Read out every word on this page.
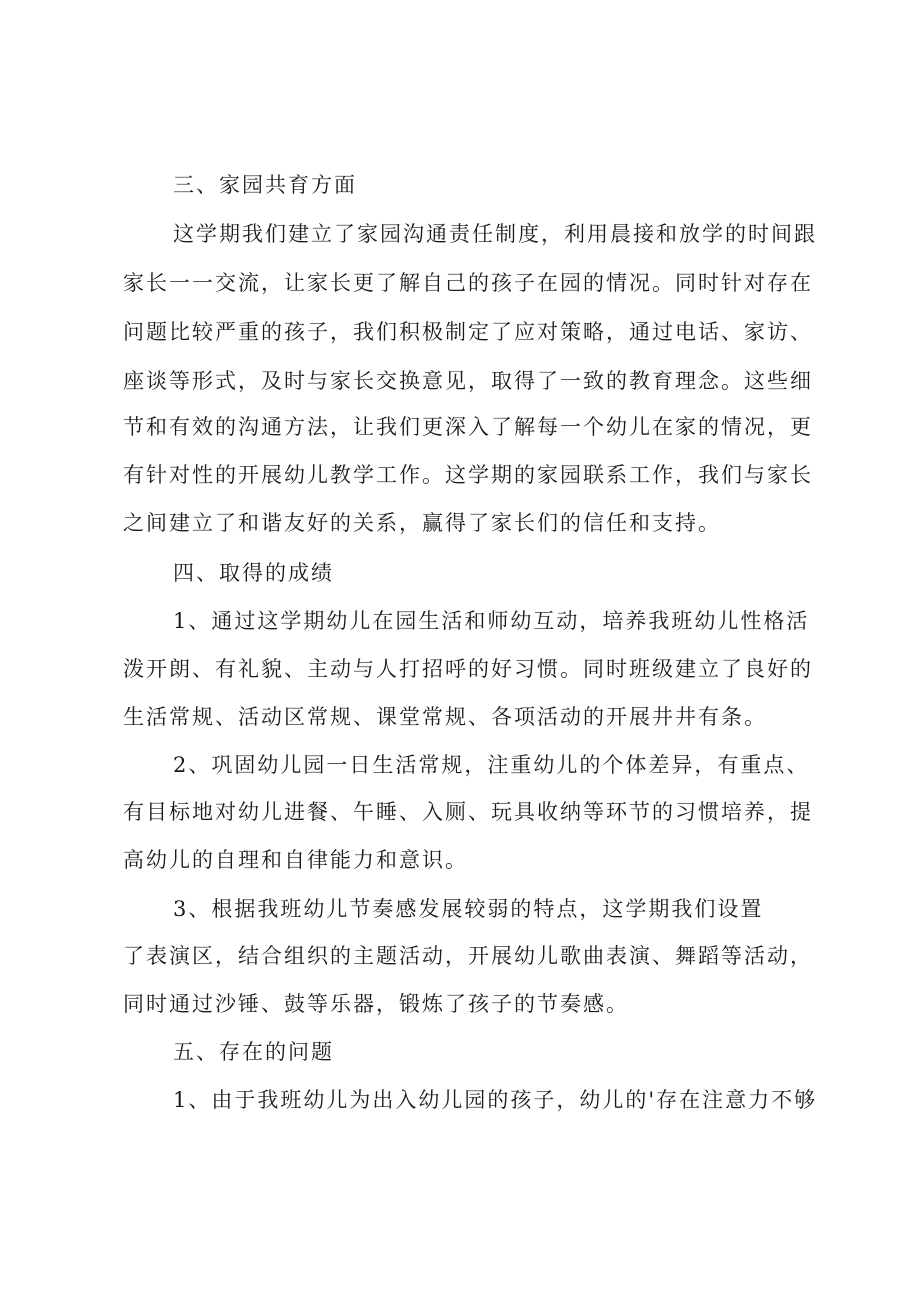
三、家园共育方面
这学期我们建立了家园沟通责任制度，利用晨接和放学的时间跟
家长一一交流，让家长更了解自己的孩子在园的情况。同时针对存在
问题比较严重的孩子，我们积极制定了应对策略，通过电话、家访、
座谈等形式，及时与家长交换意见，取得了一致的教育理念。这些细
节和有效的沟通方法，让我们更深入了解每一个幼儿在家的情况，更
有针对性的开展幼儿教学工作。这学期的家园联系工作，我们与家长
之间建立了和谐友好的关系，赢得了家长们的信任和支持。
四、取得的成绩
1、通过这学期幼儿在园生活和师幼互动，培养我班幼儿性格活
泼开朗、有礼貌、主动与人打招呼的好习惯。同时班级建立了良好的
生活常规、活动区常规、课堂常规、各项活动的开展井井有条。
2、巩固幼儿园一日生活常规，注重幼儿的个体差异，有重点、
有目标地对幼儿进餐、午睡、入厕、玩具收纳等环节的习惯培养，提
高幼儿的自理和自律能力和意识。
3、根据我班幼儿节奏感发展较弱的特点，这学期我们设置
了表演区，结合组织的主题活动，开展幼儿歌曲表演、舞蹈等活动，
同时通过沙锤、鼓等乐器，锻炼了孩子的节奏感。
五、存在的问题
1、由于我班幼儿为出入幼儿园的孩子，幼儿的'存在注意力不够
